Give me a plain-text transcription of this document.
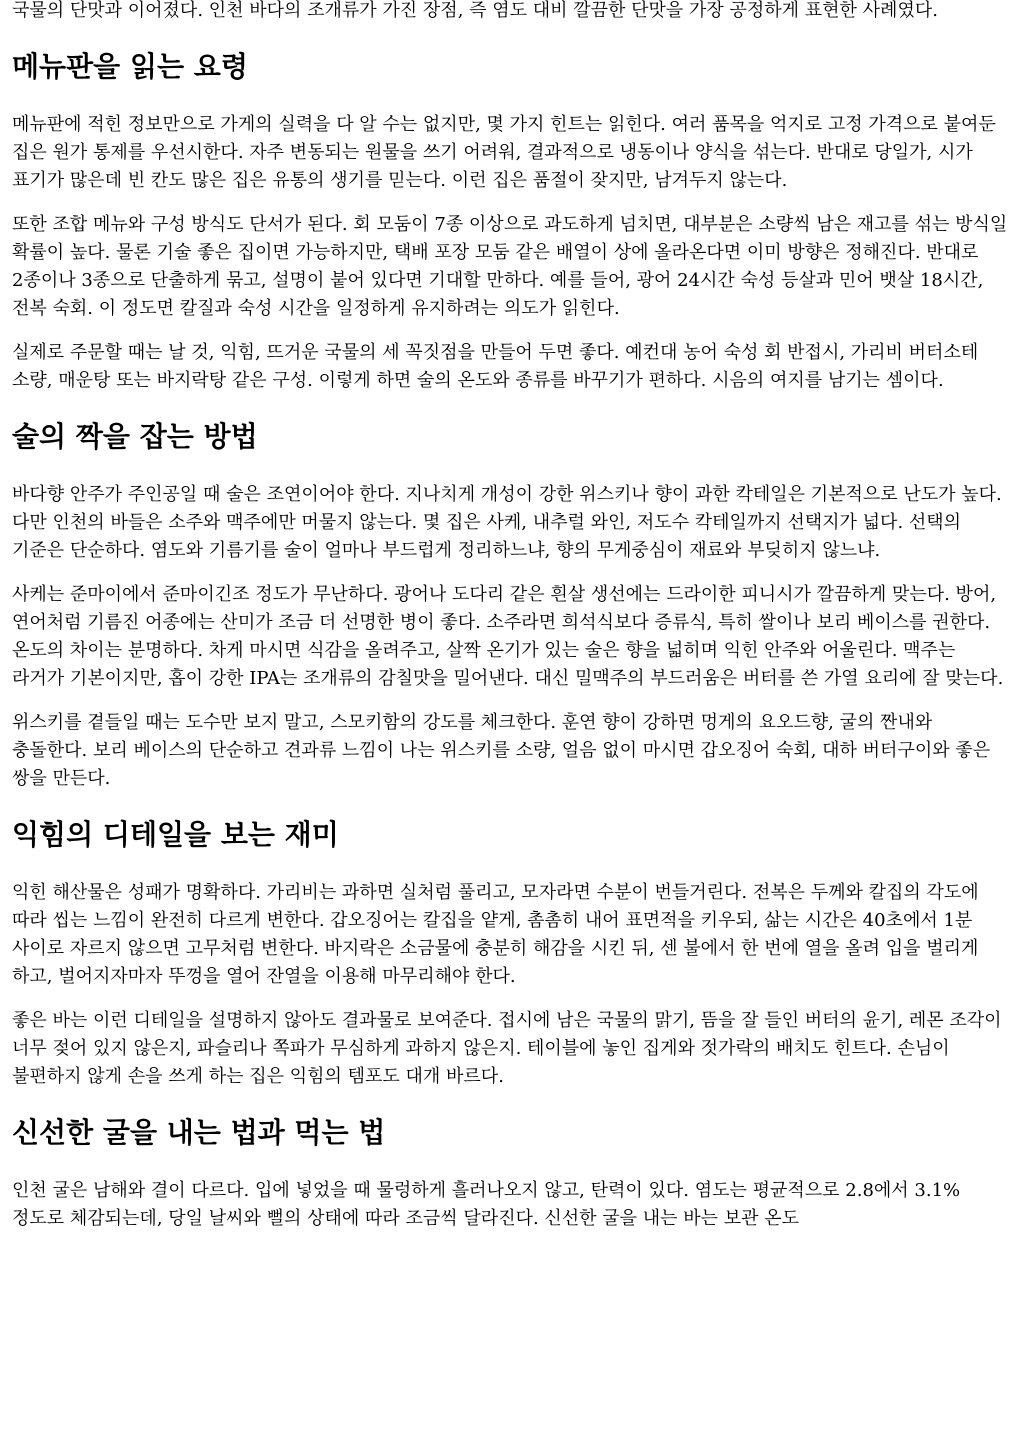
국물의 단맛과 이어졌다. 인천 바다의 조개류가 가진 장점, 즉 염도 대비 깔끔한 단맛을 가장 공정하게 표현한 사례였다.

메뉴판을 읽는 요령

메뉴판에 적힌 정보만으로 가게의 실력을 다 알 수는 없지만, 몇 가지 힌트는 읽힌다. 여러 품목을 억지로 고정 가격으로 붙여둔 집은 원가 통제를 우선시한다. 자주 변동되는 원물을 쓰기 어려워, 결과적으로 냉동이나 양식을 섞는다. 반대로 당일가, 시가 표기가 많은데 빈 칸도 많은 집은 유통의 생기를 믿는다. 이런 집은 품절이 잦지만, 남겨두지 않는다.

또한 조합 메뉴와 구성 방식도 단서가 된다. 회 모둠이 7종 이상으로 과도하게 넘치면, 대부분은 소량씩 남은 재고를 섞는 방식일 확률이 높다. 물론 기술 좋은 집이면 가능하지만, 택배 포장 모둠 같은 배열이 상에 올라온다면 이미 방향은 정해진다. 반대로 2종이나 3종으로 단출하게 묶고, 설명이 붙어 있다면 기대할 만하다. 예를 들어, 광어 24시간 숙성 등살과 민어 뱃살 18시간, 전복 숙회. 이 정도면 칼질과 숙성 시간을 일정하게 유지하려는 의도가 읽힌다.

실제로 주문할 때는 날 것, 익힘, 뜨거운 국물의 세 꼭짓점을 만들어 두면 좋다. 예컨대 농어 숙성 회 반접시, 가리비 버터소테 소량, 매운탕 또는 바지락탕 같은 구성. 이렇게 하면 술의 온도와 종류를 바꾸기가 편하다. 시음의 여지를 남기는 셈이다.

술의 짝을 잡는 방법

바다향 안주가 주인공일 때 술은 조연이어야 한다. 지나치게 개성이 강한 위스키나 향이 과한 칵테일은 기본적으로 난도가 높다. 다만 인천의 바들은 소주와 맥주에만 머물지 않는다. 몇 집은 사케, 내추럴 와인, 저도수 칵테일까지 선택지가 넓다. 선택의 기준은 단순하다. 염도와 기름기를 술이 얼마나 부드럽게 정리하느냐, 향의 무게중심이 재료와 부딪히지 않느냐.

사케는 준마이에서 준마이긴조 정도가 무난하다. 광어나 도다리 같은 흰살 생선에는 드라이한 피니시가 깔끔하게 맞는다. 방어, 연어처럼 기름진 어종에는 산미가 조금 더 선명한 병이 좋다. 소주라면 희석식보다 증류식, 특히 쌀이나 보리 베이스를 권한다. 온도의 차이는 분명하다. 차게 마시면 식감을 올려주고, 살짝 온기가 있는 술은 향을 넓히며 익힌 안주와 어울린다. 맥주는 라거가 기본이지만, 홉이 강한 IPA는 조개류의 감칠맛을 밀어낸다. 대신 밀맥주의 부드러움은 버터를 쓴 가열 요리에 잘 맞는다.

위스키를 곁들일 때는 도수만 보지 말고, 스모키함의 강도를 체크한다. 훈연 향이 강하면 멍게의 요오드향, 굴의 짠내와 충돌한다. 보리 베이스의 단순하고 견과류 느낌이 나는 위스키를 소량, 얼음 없이 마시면 갑오징어 숙회, 대하 버터구이와 좋은 쌍을 만든다.

익힘의 디테일을 보는 재미

익힌 해산물은 성패가 명확하다. 가리비는 과하면 실처럼 풀리고, 모자라면 수분이 번들거린다. 전복은 두께와 칼집의 각도에 따라 씹는 느낌이 완전히 다르게 변한다. 갑오징어는 칼집을 얕게, 촘촘히 내어 표면적을 키우되, 삶는 시간은 40초에서 1분 사이로 자르지 않으면 고무처럼 변한다. 바지락은 소금물에 충분히 해감을 시킨 뒤, 센 불에서 한 번에 열을 올려 입을 벌리게 하고, 벌어지자마자 뚜껑을 열어 잔열을 이용해 마무리해야 한다.

좋은 바는 이런 디테일을 설명하지 않아도 결과물로 보여준다. 접시에 남은 국물의 맑기, 뜸을 잘 들인 버터의 윤기, 레몬 조각이 너무 젖어 있지 않은지, 파슬리나 쪽파가 무심하게 과하지 않은지. 테이블에 놓인 집게와 젓가락의 배치도 힌트다. 손님이 불편하지 않게 손을 쓰게 하는 집은 익힘의 템포도 대개 바르다.

신선한 굴을 내는 법과 먹는 법

인천 굴은 남해와 결이 다르다. 입에 넣었을 때 물렁하게 흘러나오지 않고, 탄력이 있다. 염도는 평균적으로 2.8에서 3.1% 정도로 체감되는데, 당일 날씨와 뻘의 상태에 따라 조금씩 달라진다. 신선한 굴을 내는 바는 보관 온도
